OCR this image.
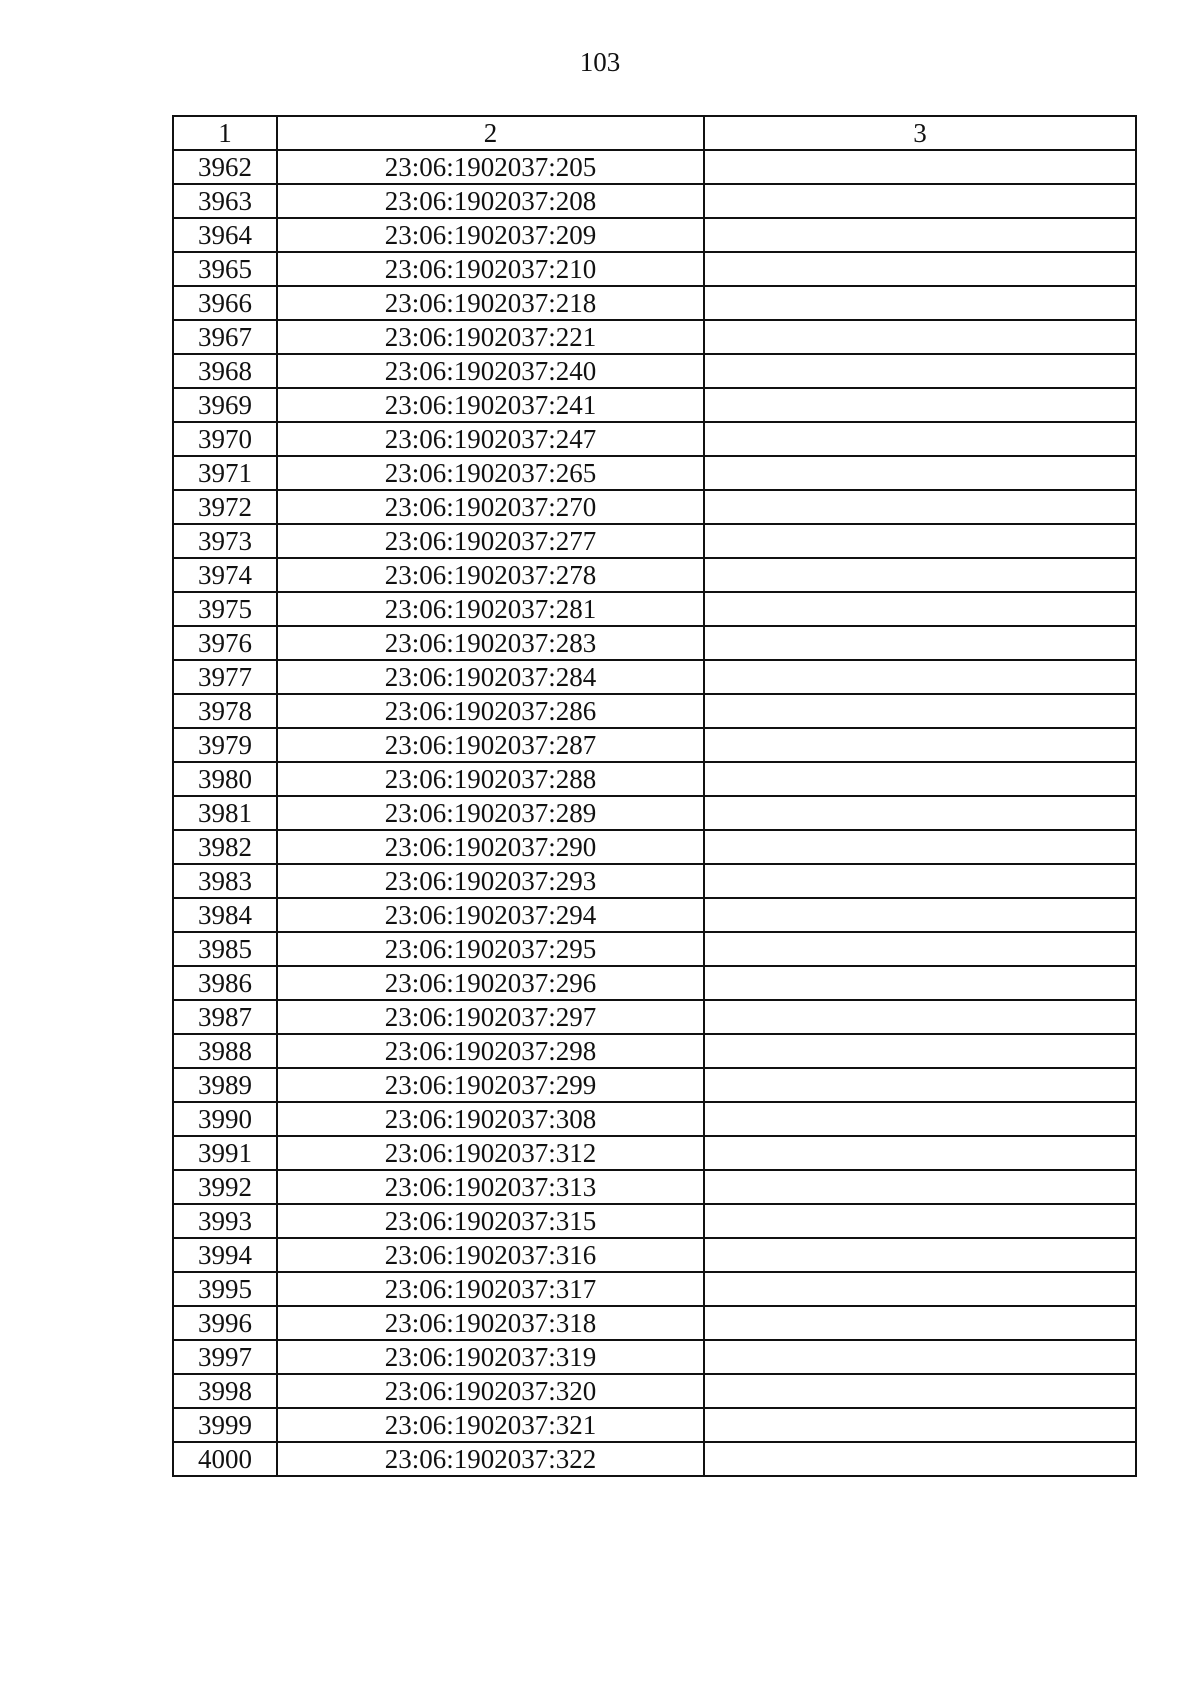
103
1	2	3
3962	23:06:1902037:205	
3963	23:06:1902037:208	
3964	23:06:1902037:209	
3965	23:06:1902037:210	
3966	23:06:1902037:218	
3967	23:06:1902037:221	
3968	23:06:1902037:240	
3969	23:06:1902037:241	
3970	23:06:1902037:247	
3971	23:06:1902037:265	
3972	23:06:1902037:270	
3973	23:06:1902037:277	
3974	23:06:1902037:278	
3975	23:06:1902037:281	
3976	23:06:1902037:283	
3977	23:06:1902037:284	
3978	23:06:1902037:286	
3979	23:06:1902037:287	
3980	23:06:1902037:288	
3981	23:06:1902037:289	
3982	23:06:1902037:290	
3983	23:06:1902037:293	
3984	23:06:1902037:294	
3985	23:06:1902037:295	
3986	23:06:1902037:296	
3987	23:06:1902037:297	
3988	23:06:1902037:298	
3989	23:06:1902037:299	
3990	23:06:1902037:308	
3991	23:06:1902037:312	
3992	23:06:1902037:313	
3993	23:06:1902037:315	
3994	23:06:1902037:316	
3995	23:06:1902037:317	
3996	23:06:1902037:318	
3997	23:06:1902037:319	
3998	23:06:1902037:320	
3999	23:06:1902037:321	
4000	23:06:1902037:322	
